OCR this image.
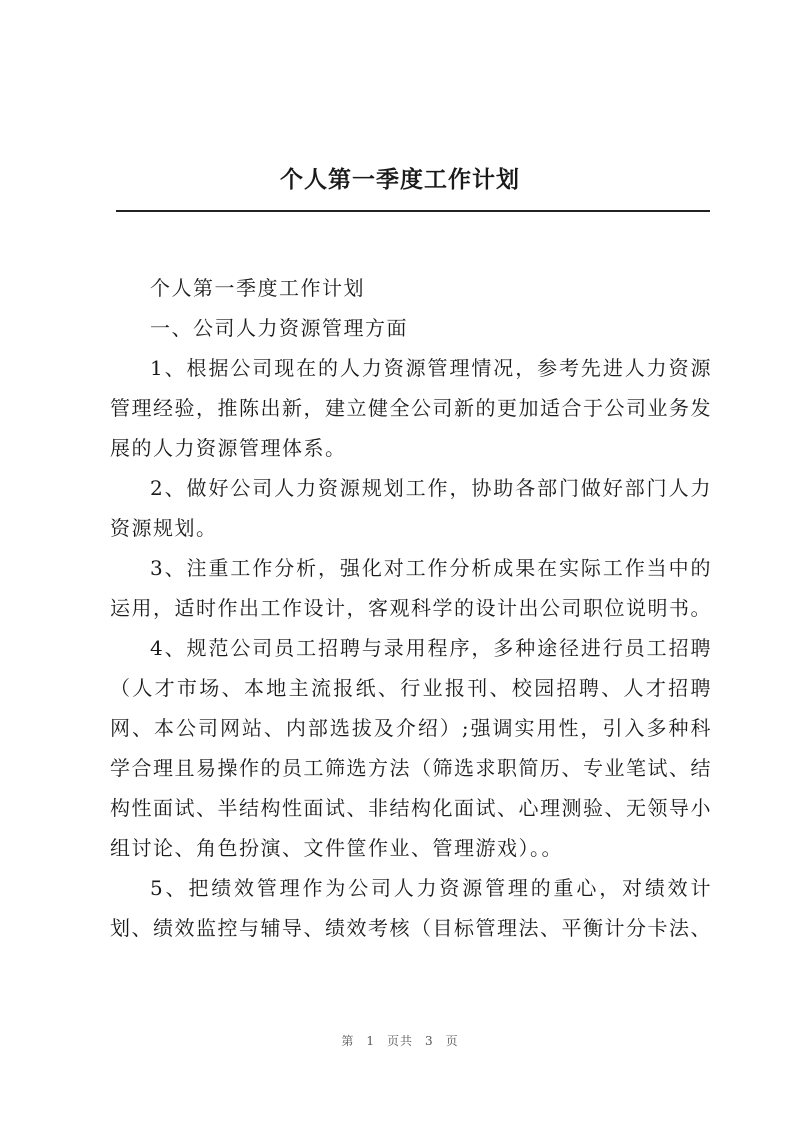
个人第一季度工作计划

个人第一季度工作计划

一、公司人力资源管理方面

1、根据公司现在的人力资源管理情况，参考先进人力资源管理经验，推陈出新，建立健全公司新的更加适合于公司业务发展的人力资源管理体系。

2、做好公司人力资源规划工作，协助各部门做好部门人力资源规划。

3、注重工作分析，强化对工作分析成果在实际工作当中的运用，适时作出工作设计，客观科学的设计出公司职位说明书。

4、规范公司员工招聘与录用程序，多种途径进行员工招聘（人才市场、本地主流报纸、行业报刊、校园招聘、人才招聘网、本公司网站、内部选拔及介绍）;强调实用性，引入多种科学合理且易操作的员工筛选方法（筛选求职简历、专业笔试、结构性面试、半结构性面试、非结构化面试、心理测验、无领导小组讨论、角色扮演、文件筐作业、管理游戏）。。

5、把绩效管理作为公司人力资源管理的重心，对绩效计划、绩效监控与辅导、绩效考核（目标管理法、平衡计分卡法、

第 1 页共 3 页
